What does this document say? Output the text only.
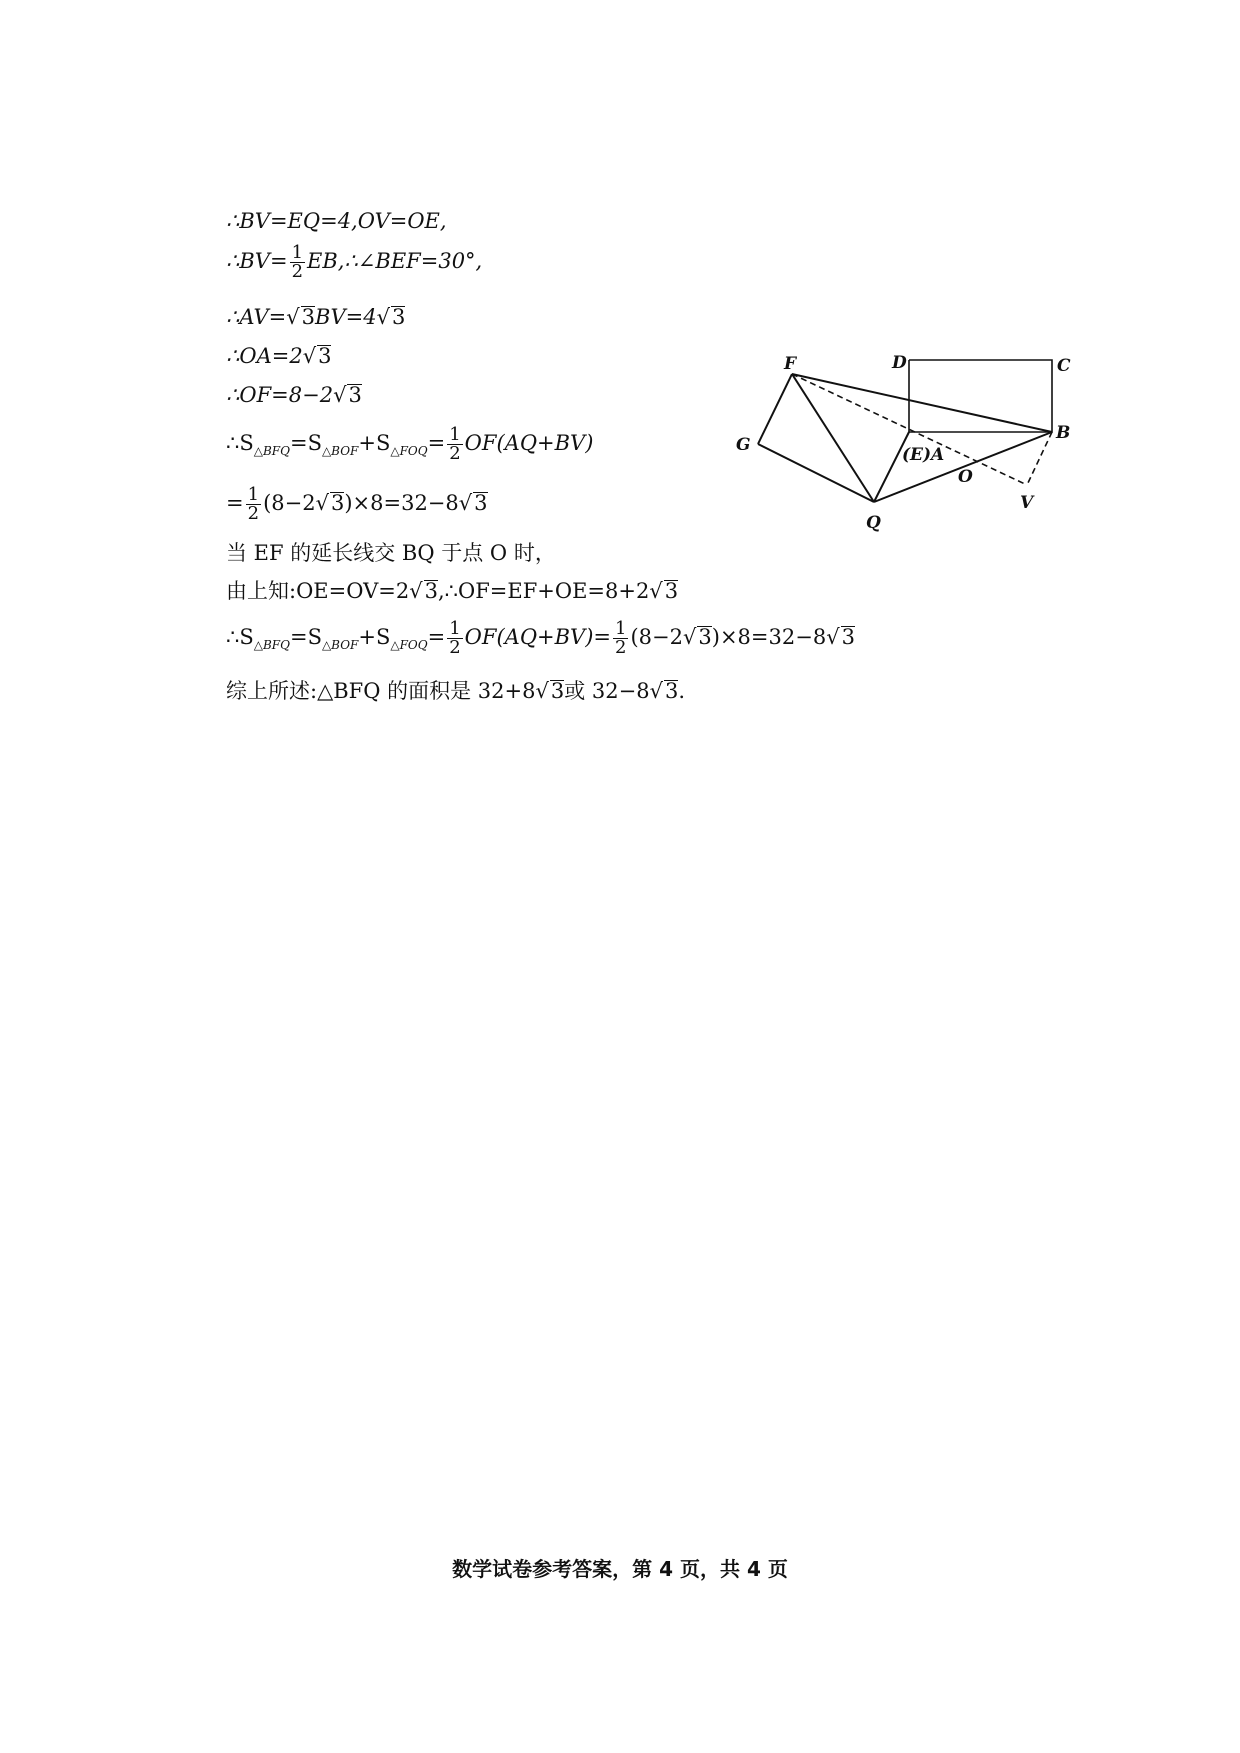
∴BV=EQ=4,OV=OE,
∴BV= $\frac{1}{2}$ EB,∴∠BEF=30°,
∴AV=√3BV=4√3
∴OA=2√3
∴OF=8−2√3
∴S△BFQ=S△BOF+S△FOQ= $\frac{1}{2} OF(AQ+BV)$
= $\frac{1}{2} (8-2√3)\times 8=32-8√3$
当 EF 的延长线交 BQ 于点 O 时，
由上知:OE=OV=2√3,∴OF=EF+OE=8+2√3
∴S△BFQ=S△BOF+S△FOQ= $\frac{1}{2} OF(AQ+BV)= \frac{1}{2} (8-2√3)\times 8=32-8√3$
综上所述:△BFQ 的面积是 32+8√3或 32−8√3.
F	D	C
G
B
(E)A
O
Q
V
数学试卷参考答案，第 4 页，共 4 页
